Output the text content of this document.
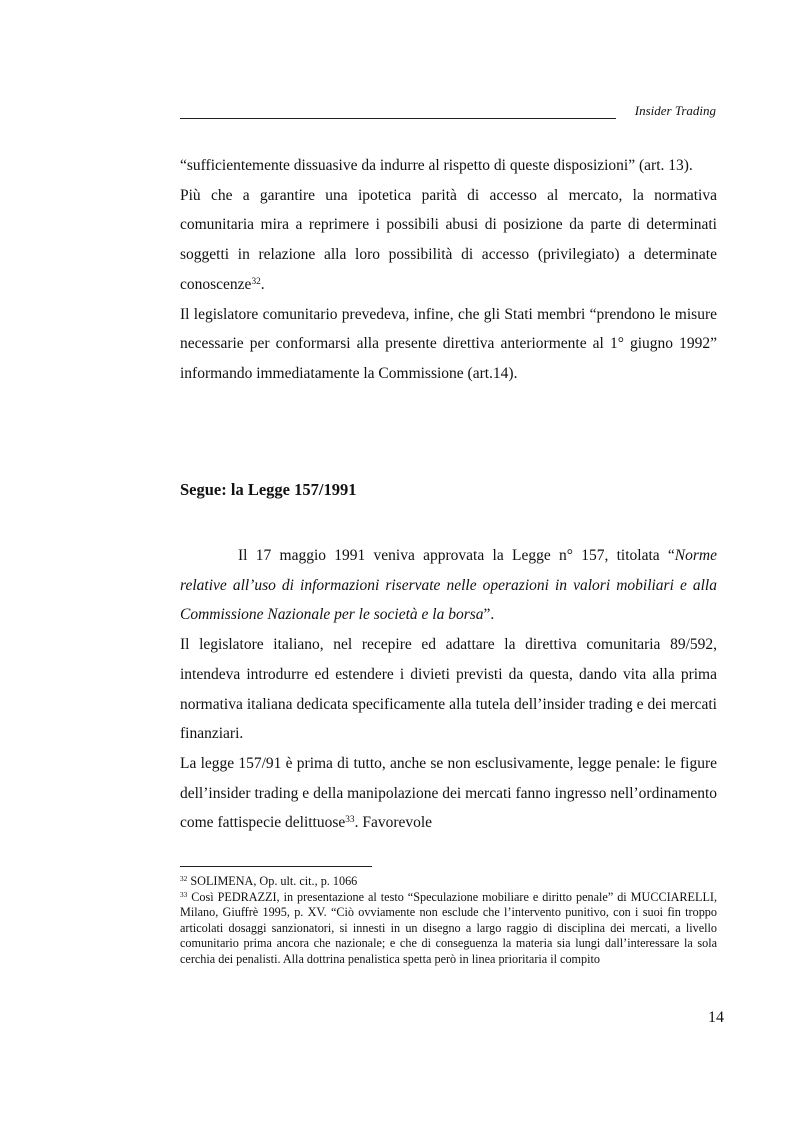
Insider Trading

“sufficientemente dissuasive da indurre al rispetto di queste disposizioni” (art. 13).

Più che a garantire una ipotetica parità di accesso al mercato, la normativa comunitaria mira a reprimere i possibili abusi di posizione da parte di determinati soggetti in relazione alla loro possibilità di accesso (privilegiato) a determinate conoscenze$^{32}$.

Il legislatore comunitario prevedeva, infine, che gli Stati membri “prendono le misure necessarie per conformarsi alla presente direttiva anteriormente al 1° giugno 1992” informando immediatamente la Commissione (art.14).

Segue: la Legge 157/1991

Il 17 maggio 1991 veniva approvata la Legge n° 157, titolata “Norme relative all’uso di informazioni riservate nelle operazioni in valori mobiliari e alla Commissione Nazionale per le società e la borsa”.

Il legislatore italiano, nel recepire ed adattare la direttiva comunitaria 89/592, intendeva introdurre ed estendere i divieti previsti da questa, dando vita alla prima normativa italiana dedicata specificamente alla tutela dell’insider trading e dei mercati finanziari.

La legge 157/91 è prima di tutto, anche se non esclusivamente, legge penale: le figure dell’insider trading e della manipolazione dei mercati fanno ingresso nell’ordinamento come fattispecie delittuose$^{33}$. Favorevole

$^{32}$ SOLIMENA, Op. ult. cit., p. 1066

$^{33}$ Così PEDRAZZI, in presentazione al testo “Speculazione mobiliare e diritto penale” di MUCCIARELLI, Milano, Giuffrè 1995, p. XV. “Ciò ovviamente non esclude che l’intervento punitivo, con i suoi fin troppo articolati dosaggi sanzionatori, si innesti in un disegno a largo raggio di disciplina dei mercati, a livello comunitario prima ancora che nazionale; e che di conseguenza la materia sia lungi dall’interessare la sola cerchia dei penalisti. Alla dottrina penalistica spetta però in linea prioritaria il compito

14
